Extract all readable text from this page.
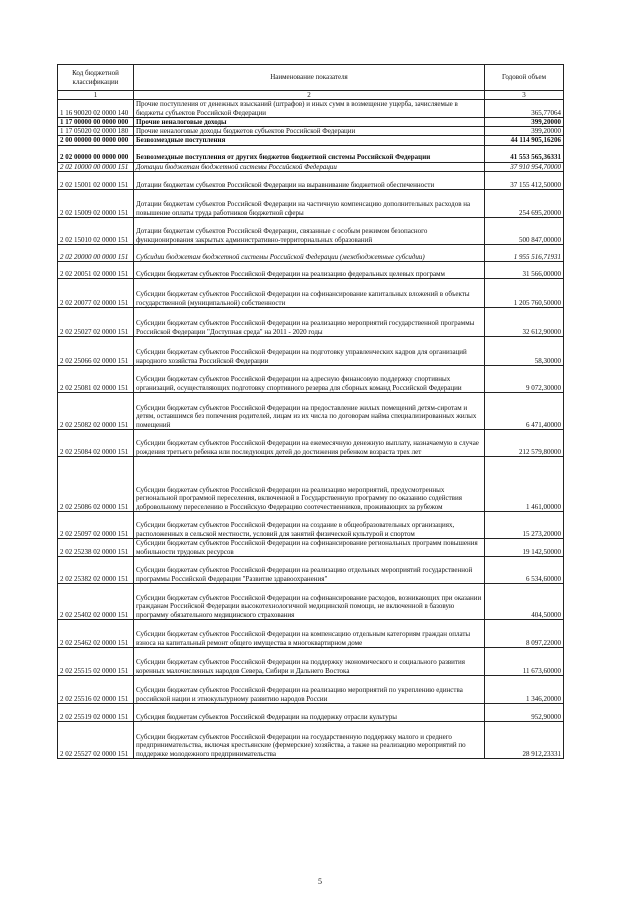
Код бюджетной классификации	Наименование показателя	Годовой объем
1	2	3
1 16 90020 02 0000 140	Прочие поступления от денежных взысканий (штрафов) и иных сумм в возмещение ущерба, зачисляемые в бюджеты субъектов Российской Федерации	365,77064
1 17 00000 00 0000 000	Прочие неналоговые доходы	399,20000
1 17 05020 02 0000 180	Прочие неналоговые доходы бюджетов субъектов Российской Федерации	399,20000
2 00 00000 00 0000 000	Безвозмездные поступления	44 114 905,16206
2 02 00000 00 0000 000	Безвозмездные поступления от других бюджетов бюджетной системы Российской Федерации	41 553 565,36331
2 02 10000 00 0000 151	Дотации бюджетам бюджетной системы Российской Федерации	37 910 954,70000
2 02 15001 02 0000 151	Дотации бюджетам субъектов Российской Федерации на выравнивание бюджетной обеспеченности	37 155 412,50000
2 02 15009 02 0000 151	Дотации бюджетам субъектов Российской Федерации на частичную компенсацию дополнительных расходов на повышение оплаты труда работников бюджетной сферы	254 695,20000
2 02 15010 02 0000 151	Дотации бюджетам субъектов Российской Федерации, связанные с особым режимом безопасного функционирования закрытых административно-территориальных образований	500 847,00000
2 02 20000 00 0000 151	Субсидии бюджетам бюджетной системы Российской Федерации (межбюджетные субсидии)	1 955 516,71931
2 02 20051 02 0000 151	Субсидии бюджетам субъектов Российской Федерации на реализацию федеральных целевых программ	31 566,00000
2 02 20077 02 0000 151	Субсидии бюджетам субъектов Российской Федерации на софинансирование капитальных вложений в объекты государственной (муниципальной) собственности	1 205 760,50000
2 02 25027 02 0000 151	Субсидии бюджетам субъектов Российской Федерации на реализацию мероприятий государственной программы Российской Федерации "Доступная среда" на 2011 - 2020 годы	32 612,90000
2 02 25066 02 0000 151	Субсидии бюджетам субъектов Российской Федерации на подготовку управленческих кадров для организаций народного хозяйства Российской Федерации	58,30000
2 02 25081 02 0000 151	Субсидии бюджетам субъектов Российской Федерации на адресную финансовую поддержку спортивных организаций, осуществляющих подготовку спортивного резерва для сборных команд Российской Федерации	9 072,30000
2 02 25082 02 0000 151	Субсидии бюджетам субъектов Российской Федерации на предоставление жилых помещений детям-сиротам и детям, оставшимся без попечения родителей, лицам из их числа по договорам найма специализированных жилых помещений	6 471,40000
2 02 25084 02 0000 151	Субсидии бюджетам субъектов Российской Федерации на ежемесячную денежную выплату, назначаемую в случае рождения третьего ребенка или последующих детей до достижения ребенком возраста трех лет	212 579,80000
2 02 25086 02 0000 151	Субсидии бюджетам субъектов Российской Федерации на реализацию мероприятий, предусмотренных региональной программой переселения, включенной в Государственную программу по оказанию содействия добровольному переселению в Российскую Федерацию соотечественников, проживающих за рубежом	1 461,00000
2 02 25097 02 0000 151	Субсидии бюджетам субъектов Российской Федерации на создание в общеобразовательных организациях, расположенных в сельской местности, условий для занятий физической культурой и спортом	15 273,20000
2 02 25238 02 0000 151	Субсидии бюджетам субъектов Российской Федерации на софинансирование региональных программ повышения мобильности трудовых ресурсов	19 142,50000
2 02 25382 02 0000 151	Субсидии бюджетам субъектов Российской Федерации на реализацию отдельных мероприятий государственной программы Российской Федерации "Развитие здравоохранения"	6 534,60000
2 02 25402 02 0000 151	Субсидии бюджетам субъектов Российской Федерации на софинансирование расходов, возникающих при оказании гражданам Российской Федерации высокотехнологичной медицинской помощи, не включенной в базовую программу обязательного медицинского страхования	404,50000
2 02 25462 02 0000 151	Субсидии бюджетам субъектов Российской Федерации на компенсацию отдельным категориям граждан оплаты взноса на капитальный ремонт общего имущества в многоквартирном доме	8 097,22000
2 02 25515 02 0000 151	Субсидии бюджетам субъектов Российской Федерации на поддержку экономического и социального развития коренных малочисленных народов Севера, Сибири и Дальнего Востока	11 673,60000
2 02 25516 02 0000 151	Субсидии бюджетам субъектов Российской Федерации на реализацию мероприятий по укреплению единства российской нации и этнокультурному развитию народов России	1 346,20000
2 02 25519 02 0000 151	Субсидия бюджетам субъектов Российской Федерации на поддержку отрасли культуры	952,90000
2 02 25527 02 0000 151	Субсидии бюджетам субъектов Российской Федерации на государственную поддержку малого и среднего предпринимательства, включая крестьянские (фермерские) хозяйства, а также на реализацию мероприятий по поддержке молодежного предпринимательства	28 912,23331
5
